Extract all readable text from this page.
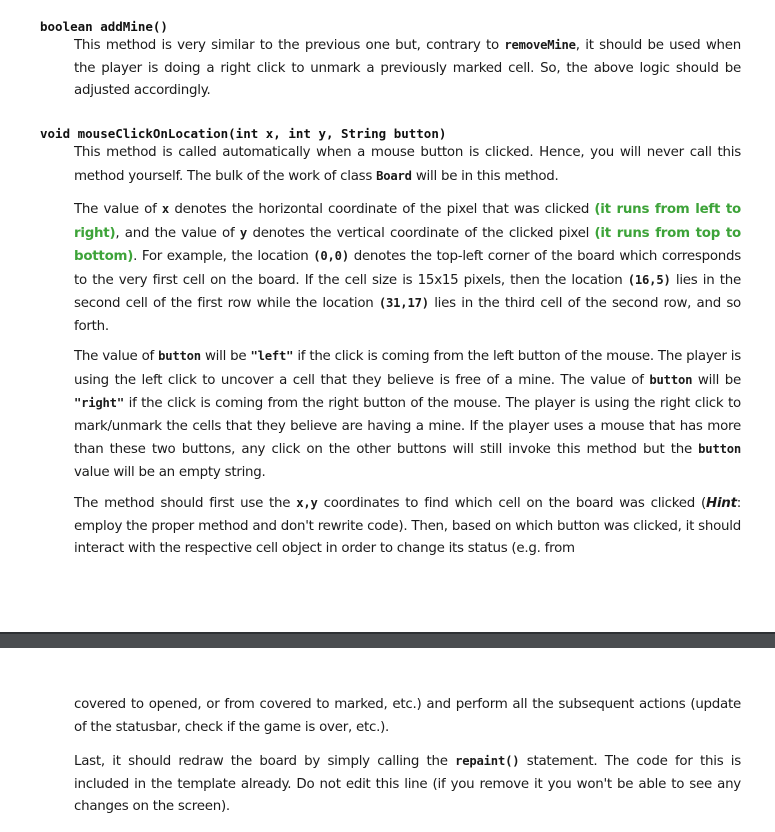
boolean addMine()

This method is very similar to the previous one but, contrary to removeMine, it should be used when the player is doing a right click to unmark a previously marked cell. So, the above logic should be adjusted accordingly.

void mouseClickOnLocation(int x, int y, String button)

This method is called automatically when a mouse button is clicked. Hence, you will never call this method yourself. The bulk of the work of class Board will be in this method.

The value of x denotes the horizontal coordinate of the pixel that was clicked (it runs from left to right), and the value of y denotes the vertical coordinate of the clicked pixel (it runs from top to bottom). For example, the location (0,0) denotes the top-left corner of the board which corresponds to the very first cell on the board. If the cell size is 15x15 pixels, then the location (16,5) lies in the second cell of the first row while the location (31,17) lies in the third cell of the second row, and so forth.

The value of button will be "left" if the click is coming from the left button of the mouse. The player is using the left click to uncover a cell that they believe is free of a mine. The value of button will be "right" if the click is coming from the right button of the mouse. The player is using the right click to mark/unmark the cells that they believe are having a mine. If the player uses a mouse that has more than these two buttons, any click on the other buttons will still invoke this method but the button value will be an empty string.

The method should first use the x,y coordinates to find which cell on the board was clicked (Hint: employ the proper method and don't rewrite code). Then, based on which button was clicked, it should interact with the respective cell object in order to change its status (e.g. from

covered to opened, or from covered to marked, etc.) and perform all the subsequent actions (update of the statusbar, check if the game is over, etc.).

Last, it should redraw the board by simply calling the repaint() statement. The code for this is included in the template already. Do not edit this line (if you remove it you won't be able to see any changes on the screen).
